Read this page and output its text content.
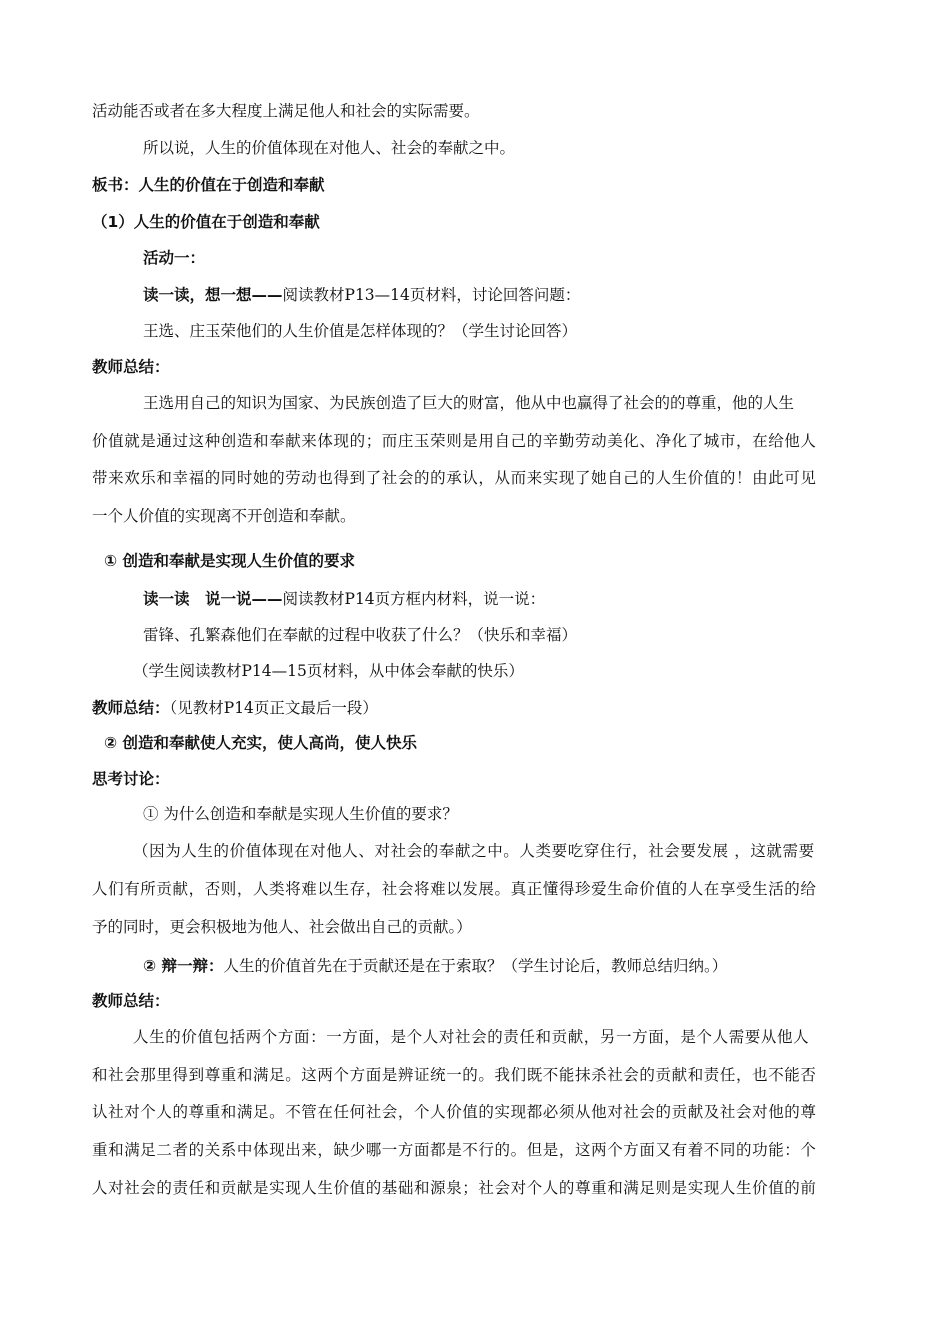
活动能否或者在多大程度上满足他人和社会的实际需要。
所以说，人生的价值体现在对他人、社会的奉献之中。
板书：人生的价值在于创造和奉献
（1）人生的价值在于创造和奉献
活动一：
读一读，想一想——阅读教材P13—14页材料，讨论回答问题：
王选、庄玉荣他们的人生价值是怎样体现的？（学生讨论回答）
教师总结：
王选用自己的知识为国家、为民族创造了巨大的财富，他从中也赢得了社会的的尊重，他的人生
价值就是通过这种创造和奉献来体现的；而庄玉荣则是用自己的辛勤劳动美化、净化了城市，在给他人
带来欢乐和幸福的同时她的劳动也得到了社会的的承认，从而来实现了她自己的人生价值的！由此可见
一个人价值的实现离不开创造和奉献。
① 创造和奉献是实现人生价值的要求
读一读　说一说——阅读教材P14页方框内材料，说一说：
雷锋、孔繁森他们在奉献的过程中收获了什么？（快乐和幸福）
（学生阅读教材P14—15页材料，从中体会奉献的快乐）
教师总结：（见教材P14页正文最后一段）
② 创造和奉献使人充实，使人高尚，使人快乐
思考讨论：
① 为什么创造和奉献是实现人生价值的要求？
（因为人生的价值体现在对他人、对社会的奉献之中。人类要吃穿住行，社会要发展 ，这就需要
人们有所贡献，否则，人类将难以生存，社会将难以发展。真正懂得珍爱生命价值的人在享受生活的给
予的同时，更会积极地为他人、社会做出自己的贡献。）
② 辩一辩：人生的价值首先在于贡献还是在于索取？（学生讨论后，教师总结归纳。）
教师总结：
人生的价值包括两个方面：一方面，是个人对社会的责任和贡献，另一方面，是个人需要从他人
和社会那里得到尊重和满足。这两个方面是辨证统一的。我们既不能抹杀社会的贡献和责任，也不能否
认社对个人的尊重和满足。不管在任何社会，个人价值的实现都必须从他对社会的贡献及社会对他的尊
重和满足二者的关系中体现出来，缺少哪一方面都是不行的。但是，这两个方面又有着不同的功能：个
人对社会的责任和贡献是实现人生价值的基础和源泉；社会对个人的尊重和满足则是实现人生价值的前
